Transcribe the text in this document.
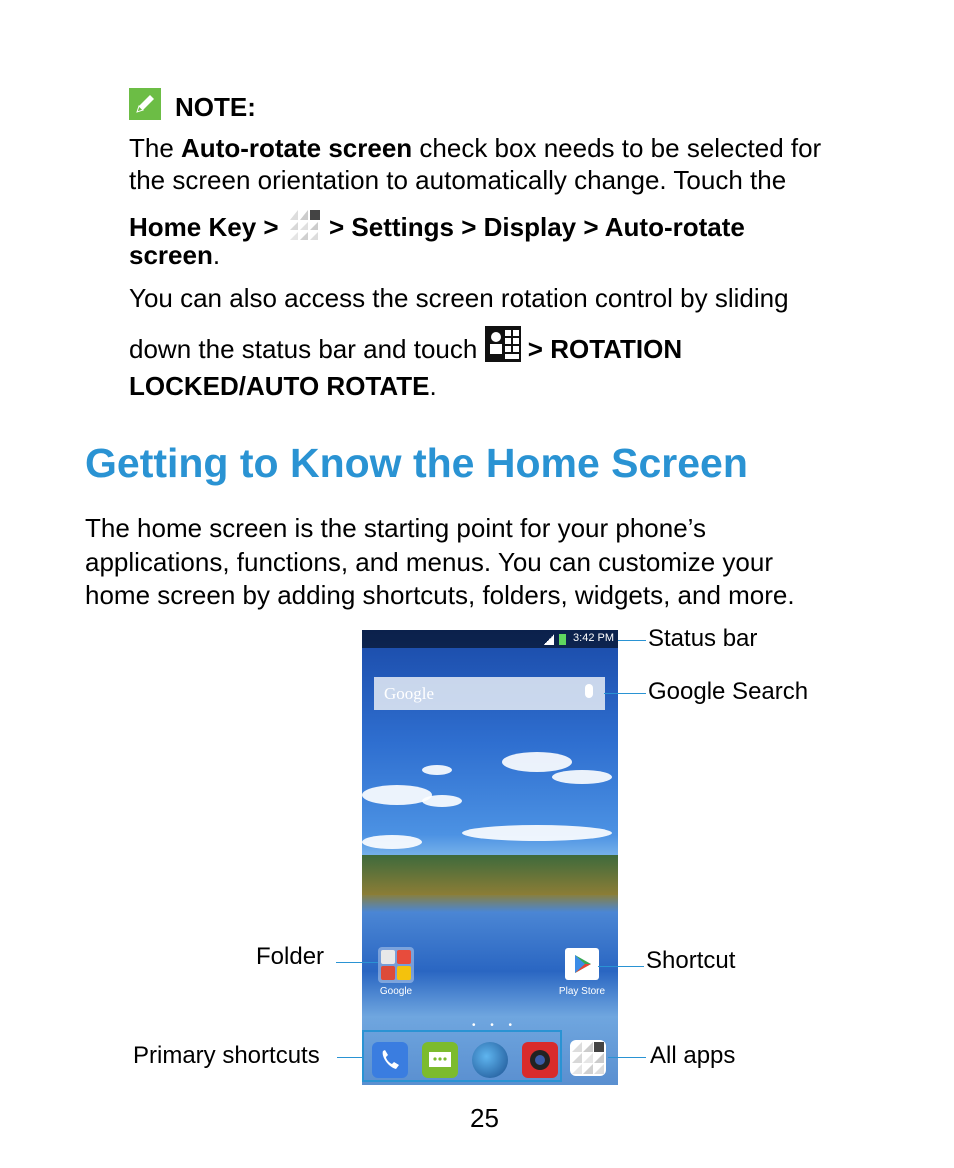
NOTE:
The Auto-rotate screen check box needs to be selected for
the screen orientation to automatically change. Touch the
Home Key >  > Settings > Display > Auto-rotate
screen.
You can also access the screen rotation control by sliding
down the status bar and touch  > ROTATION
LOCKED/AUTO ROTATE.
Getting to Know the Home Screen
The home screen is the starting point for your phone’s
applications, functions, and menus. You can customize your
home screen by adding shortcuts, folders, widgets, and more.
3:42 PM
Google
Google	Play Store
• • •
Status bar
Google Search
Folder	Shortcut
Primary shortcuts	All apps
25
